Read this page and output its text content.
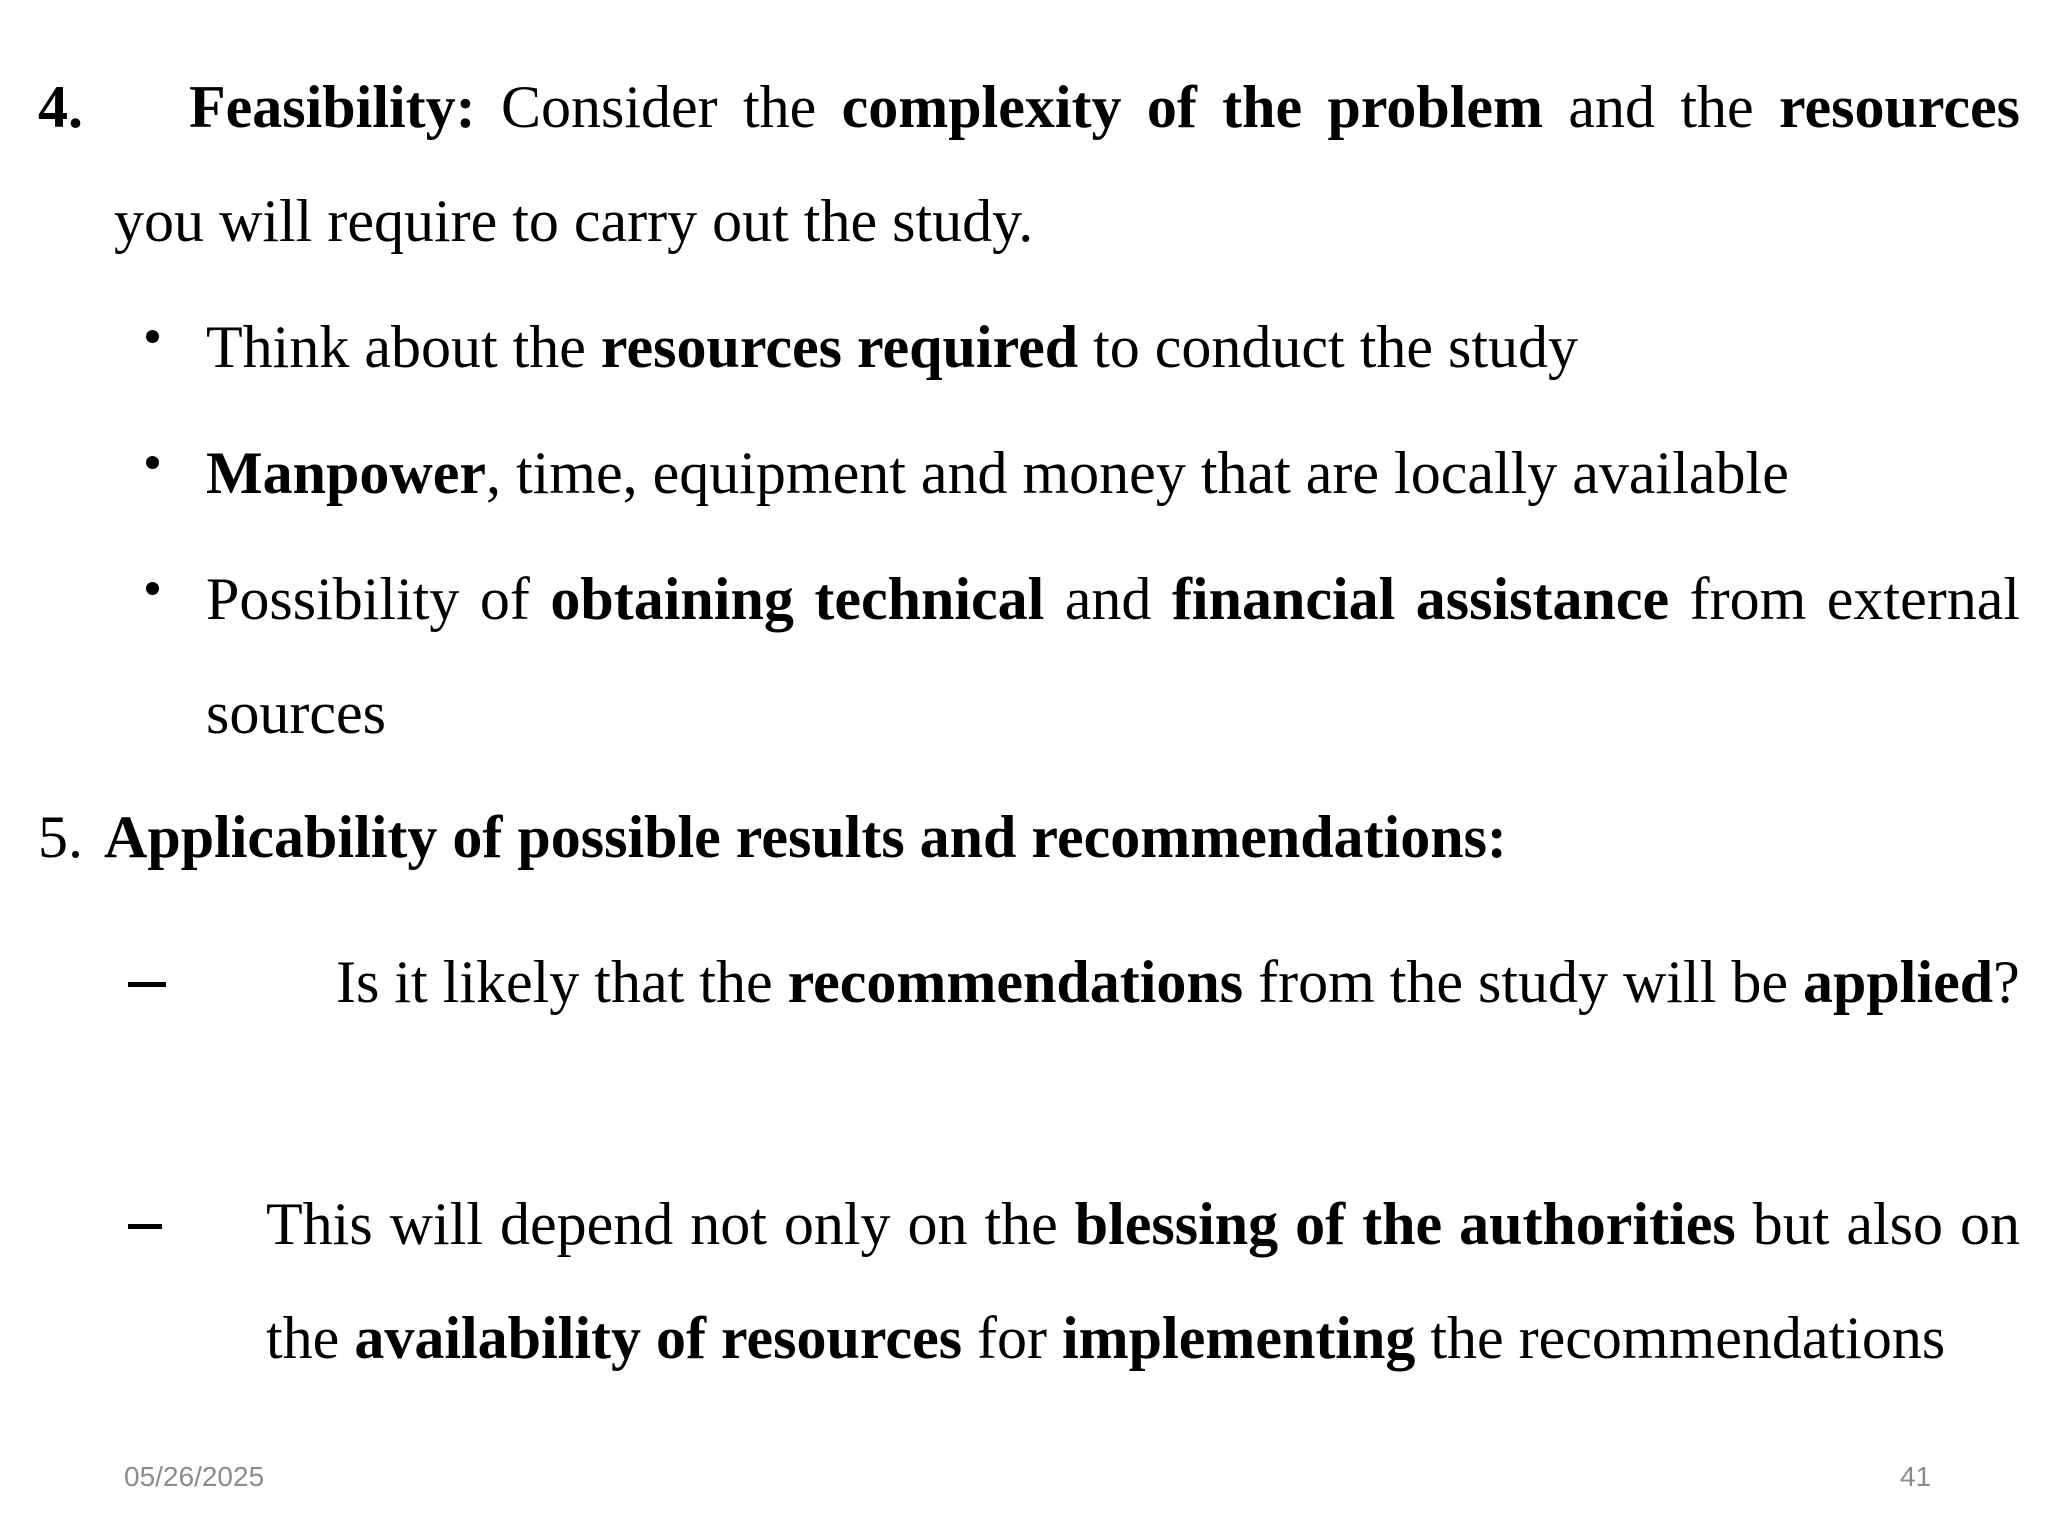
4.	Feasibility: Consider the complexity of the problem and the resources you will require to carry out the study.
Think about the resources required to conduct the study
Manpower, time, equipment and money that are locally available
Possibility of obtaining technical and financial assistance from external sources
5. Applicability of possible results and recommendations:
Is it likely that the recommendations from the study will be applied?
This will depend not only on the blessing of the authorities but also on the availability of resources for implementing the recommendations
05/26/2025	41
